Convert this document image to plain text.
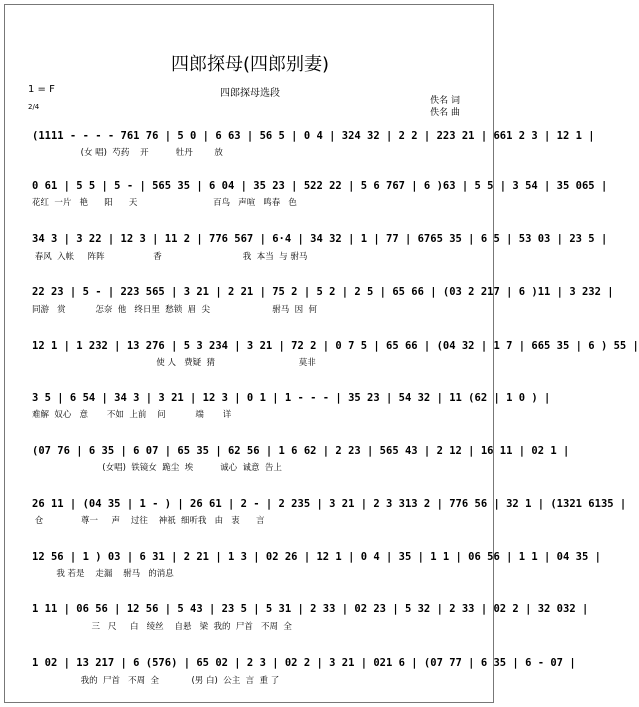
四郎探母(四郎别妻)
四郎探母选段
1 = F
2/4
佚名 词
佚名 曲
(1111 - - - - 761 76 | 5 0 | 6 63 | 56 5 | 0 4 | 324 32 | 2 2 | 223 21 | 661 2 3 | 12 1 |
(女 唱)  芍药    开          牡丹        放
0 61 | 5 5 | 5 - | 565 35 | 6 04 | 35 23 | 522 22 | 5 6 767 | 6 )63 | 5 5 | 3 54 | 35 065 |
花红  一片   艳      阳      天                            百鸟   声喧   鸣春   色
34 3 | 3 22 | 12 3 | 11 2 | 776 567 | 6·4 | 34 32 | 1 | 77 | 6765 35 | 6 5 | 53 03 | 23 5 |
春风  入帐     阵阵                  香                              我  本当  与 驸马
22 23 | 5 - | 223 565 | 3 21 | 2 21 | 75 2 | 5 2 | 2 5 | 65 66 | (03 2 217 | 6 )11 | 3 232 |
同游   赏           怎奈  他   终日里  愁锁  眉  尖                       驸马  因  何
12 1 | 1 232 | 13 276 | 5 3 234 | 3 21 | 72 2 | 0 7 5 | 65 66 | (04 32 | 1 7 | 665 35 | 6 ) 55 |
使 人   费疑  猜                               莫非
3 5 | 6 54 | 34 3 | 3 21 | 12 3 | 0 1 | 1 - - - | 35 23 | 54 32 | 11 (62 | 1 0 ) |
难解  奴心   意       不如  上前    问           端       详
(07 76 | 6 35 | 6 07 | 65 35 | 62 56 | 1 6 62 | 2 23 | 565 43 | 2 12 | 16 11 | 02 1 |
(女唱)  铁镜女  跪尘  埃          诚心  诚意  告上
26 11 | (04 35 | 1 - ) | 26 61 | 2 - | 2 235 | 3 21 | 2 3 313 2 | 776 56 | 32 1 | (1321 6135 |
仓              尊一     声    过往    神祇  细听我   由   衷      言
12 56 | 1 ) 03 | 6 31 | 2 21 | 1 3 | 02 26 | 12 1 | 0 4 | 35 | 1 1 | 06 56 | 1 1 | 04 35 |
我 若是    走漏    驸马   的消息
1 11 | 06 56 | 12 56 | 5 43 | 23 5 | 5 31 | 2 33 | 02 23 | 5 32 | 2 33 | 02 2 | 32 032 |
三   尺     白   绫丝    自悬   梁  我的  尸首   不周  全
1 02 | 13 217 | 6 (576) | 65 02 | 2 3 | 02 2 | 3 21 | 021 6 | (07 77 | 6 35 | 6 - 07 |
我的  尸首   不周  全            (男 白)  公主  言  重 了
